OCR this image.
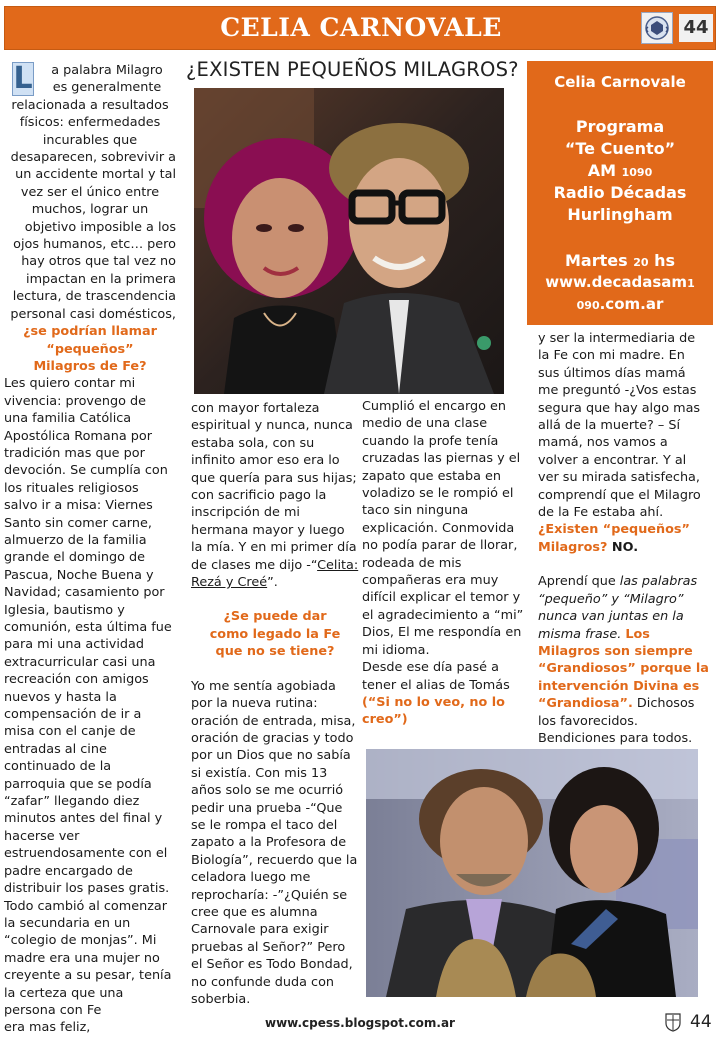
CELIA CARNOVALE	44
¿EXISTEN PEQUEÑOS MILAGROS?
L	a palabra Milagro
es generalmente
relacionada a resultados
físicos: enfermedades
incurables que
desaparecen, sobrevivir a
un accidente mortal y tal
vez ser el único entre
muchos, lograr un
objetivo imposible a los
ojos humanos, etc… pero
hay otros que tal vez no
impactan en la primera
lectura, de trascendencia
personal casi domésticos,
¿se podrían llamar
“pequeños”
Milagros de Fe?
Les quiero contar mi vivencia: provengo de una familia Católica Apostólica Romana por tradición mas que por devoción. Se cumplía con los rituales religiosos salvo ir a misa: Viernes Santo sin comer carne, almuerzo de la familia grande el domingo de Pascua, Noche Buena y Navidad; casamiento por Iglesia, bautismo y comunión, esta última fue para mi una actividad extracurricular casi una recreación con amigos nuevos y hasta la compensación de ir a misa con el canje de entradas al cine continuado de la parroquia que se podía “zafar” llegando diez minutos antes del final y hacerse ver estruendosamente con el padre encargado de distribuir los pases gratis. Todo cambió al comenzar la secundaria en un “colegio de monjas”. Mi madre era una mujer no creyente a su pesar, tenía la certeza que una persona con Fe
era mas feliz,
Celia Carnovale
Programa
“Te Cuento”
AM 1090
Radio Décadas
Hurlingham
Martes 20 hs
www.decadasam1
090.com.ar
con mayor fortaleza espiritual y nunca, nunca estaba sola, con su infinito amor eso era lo que quería para sus hijas; con sacrificio pago la inscripción de mi hermana mayor y luego la mía. Y en mi primer día de clases me dijo -“Celita: Rezá y Creé”.
¿Se puede dar como legado la Fe que no se tiene?
Yo me sentía agobiada por la nueva rutina: oración de entrada, misa, oración de gracias y todo por un Dios que no sabía si existía. Con mis 13 años solo se me ocurrió pedir una prueba -“Que se le rompa el taco del zapato a la Profesora de Biología”, recuerdo que la celadora luego me reprocharía: -”¿Quién se cree que es alumna Carnovale para exigir pruebas al Señor?” Pero el Señor es Todo Bondad, no confunde duda con soberbia.
Cumplió el encargo en medio de una clase cuando la profe tenía cruzadas las piernas y el zapato que estaba en voladizo se le rompió el taco sin ninguna explicación. Conmovida no podía parar de llorar, rodeada de mis compañeras era muy difícil explicar el temor y el agradecimiento a “mi” Dios, El me respondía en mi idioma.
Desde ese día pasé a tener el alias de Tomás (“Si no lo veo, no lo creo”)
y ser la intermediaria de la Fe con mi madre. En sus últimos días mamá me preguntó -¿Vos estas segura que hay algo mas allá de la muerte? – Sí mamá, nos vamos a volver a encontrar. Y al ver su mirada satisfecha, comprendí que el Milagro de la Fe estaba ahí. ¿Existen “pequeños” Milagros? NO.
Aprendí que las palabras “pequeño” y “Milagro” nunca van juntas en la misma frase. Los Milagros son siempre “Grandiosos” porque la intervención Divina es “Grandiosa”. Dichosos los favorecidos. Bendiciones para todos.
www.cpess.blogspot.com.ar	44
